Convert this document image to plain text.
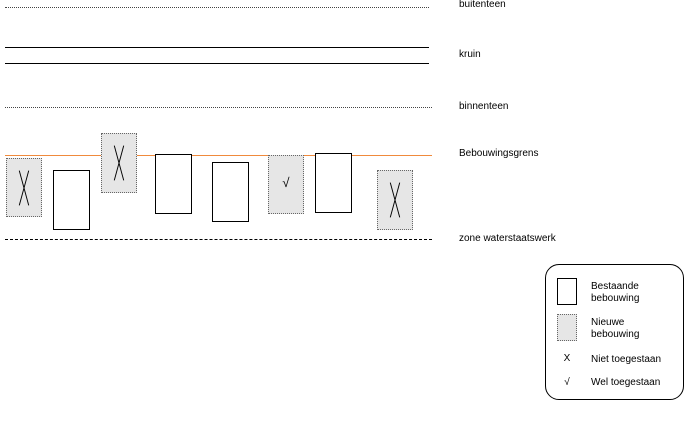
buitenteen
kruin
binnenteen
Bebouwingsgrens
zone waterstaatswerk
√
Bestaande
bebouwing
Nieuwe
bebouwing
X	Niet toegestaan
√	Wel toegestaan
